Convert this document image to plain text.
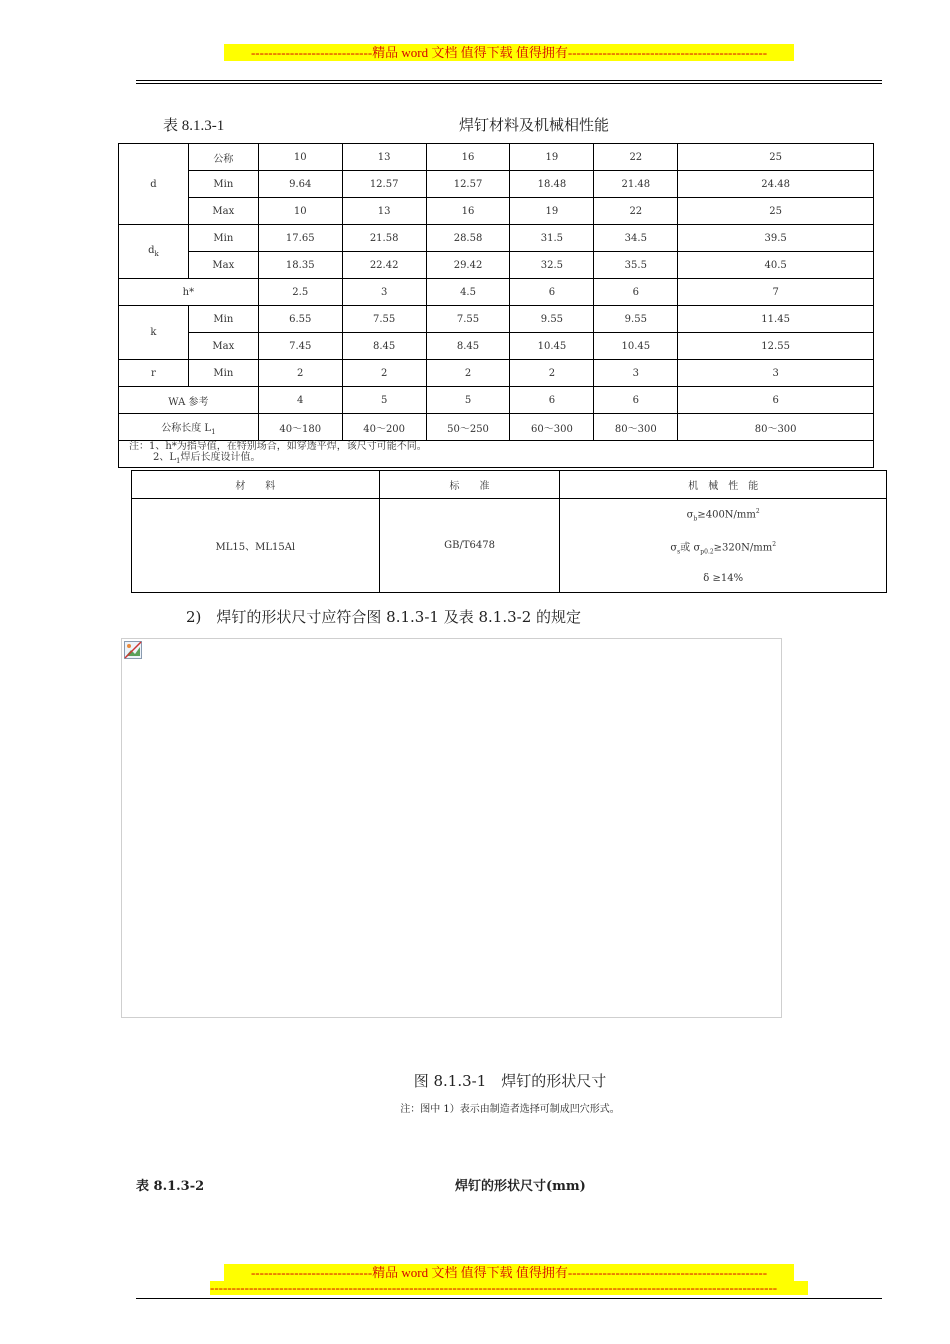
----------------------------精品 word 文档 值得下载 值得拥有----------------------------------------------
表 8.1.3-1	焊钉材料及机械相性能
d	公称	10	13	16	19	22	25
	Min	9.64	12.57	12.57	18.48	21.48	24.48
	Max	10	13	16	19	22	25
$d_k$	Min	17.65	21.58	28.58	31.5	34.5	39.5
	Max	18.35	22.42	29.42	32.5	35.5	40.5
h*		2.5	3	4.5	6	6	7
k	Min	6.55	7.55	7.55	9.55	9.55	11.45
	Max	7.45	8.45	8.45	10.45	10.45	12.55
r	Min	2	2	2	2	3	3
WA 参考		4	5	5	6	6	6
公称长度 $L_1$		40～180	40～200	50～250	60～300	80～300	80～300

注：1、h*为指导值，在特别场合，如穿透平焊，该尺寸可能不同。
2、$L_1$焊后长度设计值。							
材　　料	标　　准	机　械　性　能
ML15、ML15Al	GB/T6478	$\sigma_b\ge 400N/mm^2$
$\sigma_s$或 $\sigma_{p0.2}\ge 320N/mm^2$
δ ≥14%
2)　焊钉的形状尺寸应符合图 8.1.3-1 及表 8.1.3-2 的规定
图 8.1.3-1　焊钉的形状尺寸
注：图中 1）表示由制造者选择可制成凹穴形式。
表 8.1.3-2	焊钉的形状尺寸(mm)
----------------------------精品 word 文档 值得下载 值得拥有----------------------------------------------
-----------------------------------------------------------------------------------------------------------------------------------
